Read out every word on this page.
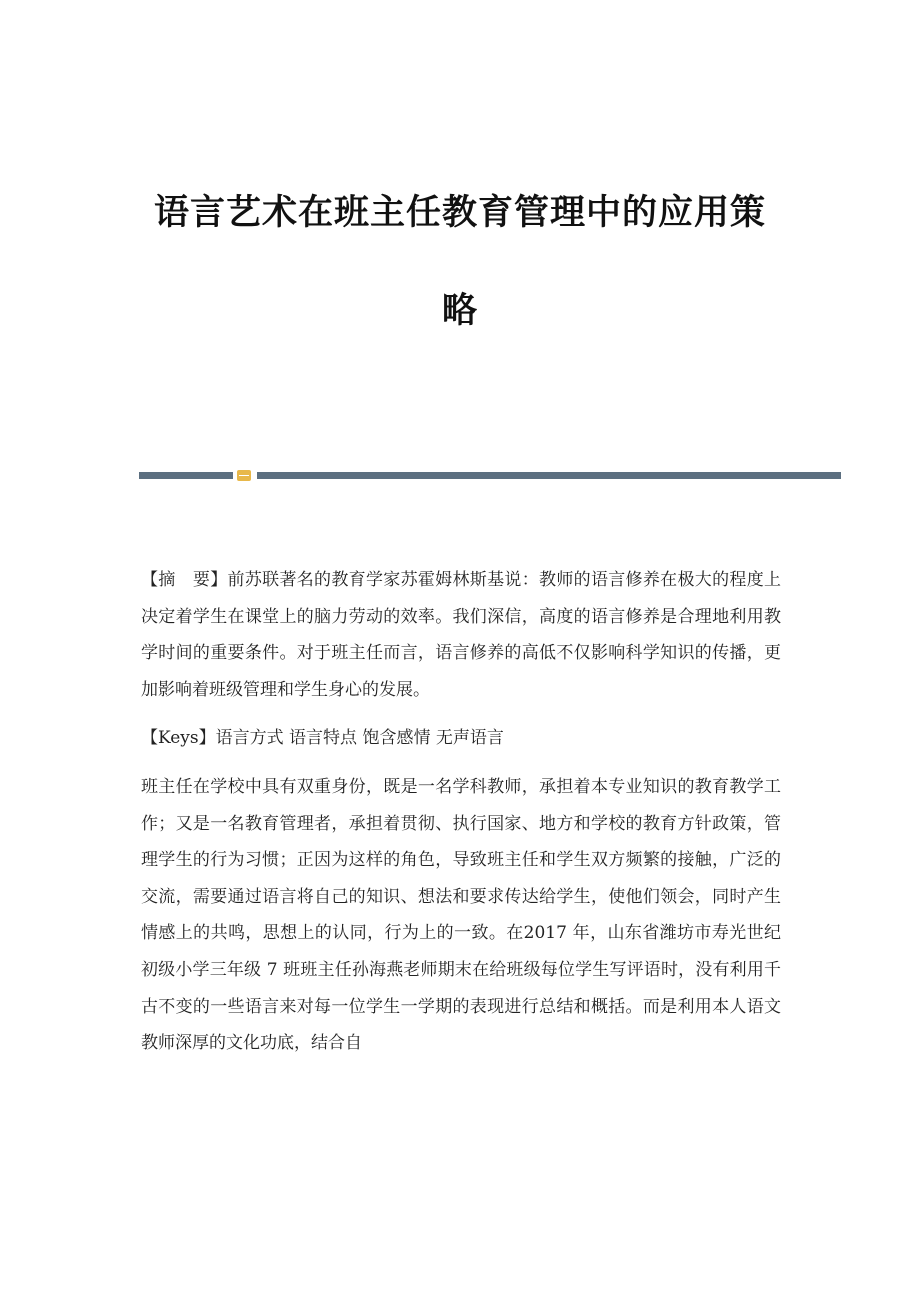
语言艺术在班主任教育管理中的应用策

略

【摘　要】前苏联著名的教育学家苏霍姆林斯基说：教师的语言修养在极大的程度上决定着学生在课堂上的脑力劳动的效率。我们深信，高度的语言修养是合理地利用教学时间的重要条件。对于班主任而言，语言修养的高低不仅影响科学知识的传播，更加影响着班级管理和学生身心的发展。

【Keys】语言方式 语言特点 饱含感情 无声语言

班主任在学校中具有双重身份，既是一名学科教师，承担着本专业知识的教育教学工作；又是一名教育管理者，承担着贯彻、执行国家、地方和学校的教育方针政策，管理学生的行为习惯；正因为这样的角色，导致班主任和学生双方频繁的接触，广泛的交流，需要通过语言将自己的知识、想法和要求传达给学生，使他们领会，同时产生情感上的共鸣，思想上的认同，行为上的一致。在2017 年，山东省潍坊市寿光世纪初级小学三年级 7 班班主任孙海燕老师期末在给班级每位学生写评语时，没有利用千古不变的一些语言来对每一位学生一学期的表现进行总结和概括。而是利用本人语文教师深厚的文化功底，结合自
